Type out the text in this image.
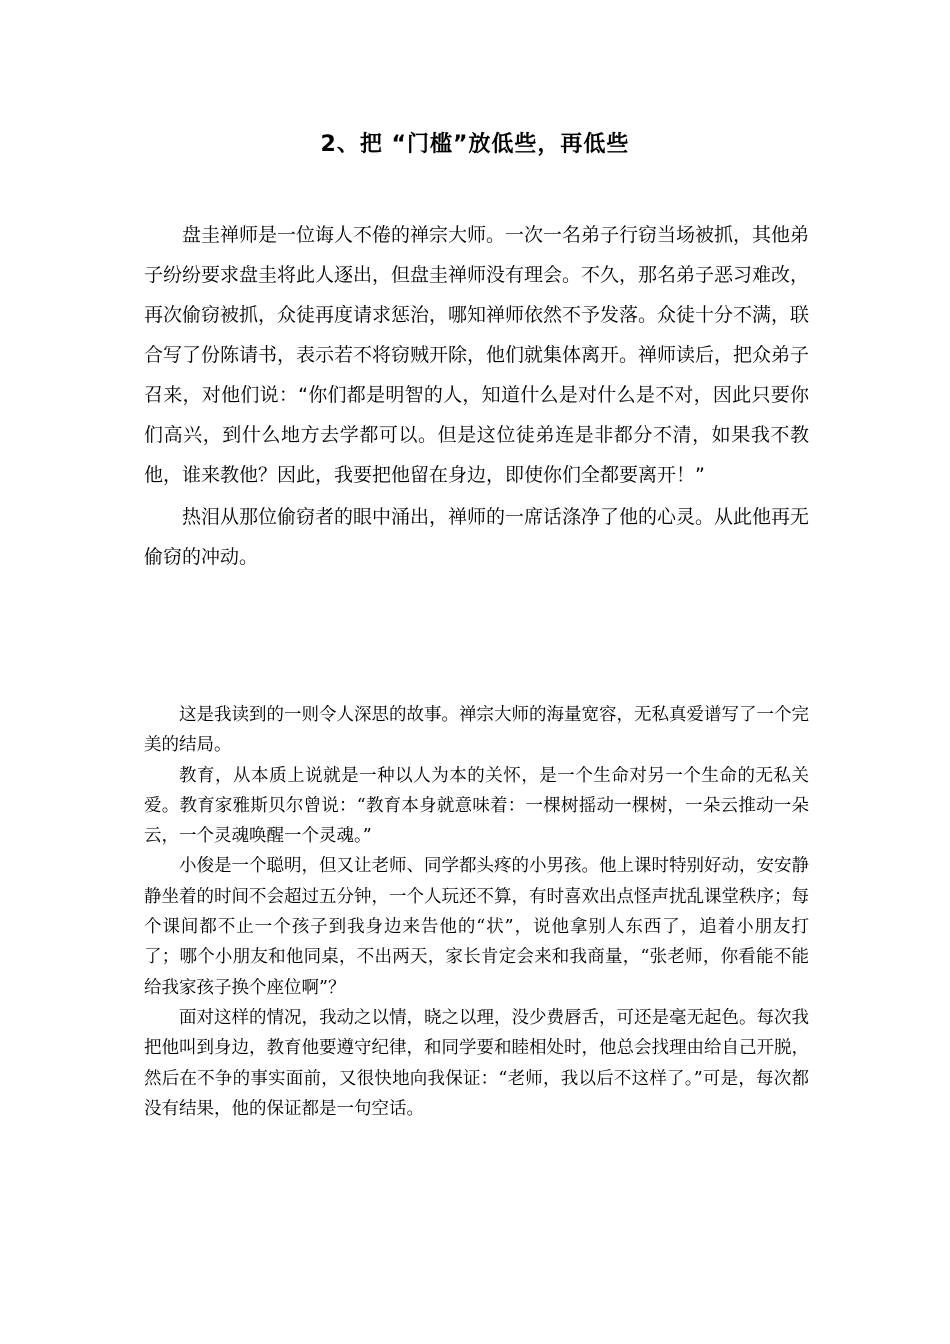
2、把 “门槛”放低些，再低些

盘圭禅师是一位诲人不倦的禅宗大师。一次一名弟子行窃当场被抓，其他弟子纷纷要求盘圭将此人逐出，但盘圭禅师没有理会。不久，那名弟子恶习难改，再次偷窃被抓，众徒再度请求惩治，哪知禅师依然不予发落。众徒十分不满，联合写了份陈请书，表示若不将窃贼开除，他们就集体离开。禅师读后，把众弟子召来，对他们说：“你们都是明智的人，知道什么是对什么是不对，因此只要你们高兴，到什么地方去学都可以。但是这位徒弟连是非都分不清，如果我不教他，谁来教他？因此，我要把他留在身边，即使你们全都要离开！”

热泪从那位偷窃者的眼中涌出，禅师的一席话涤净了他的心灵。从此他再无偷窃的冲动。

这是我读到的一则令人深思的故事。禅宗大师的海量宽容，无私真爱谱写了一个完美的结局。

教育，从本质上说就是一种以人为本的关怀，是一个生命对另一个生命的无私关爱。教育家雅斯贝尔曾说：“教育本身就意味着：一棵树摇动一棵树，一朵云推动一朵云，一个灵魂唤醒一个灵魂。”

小俊是一个聪明，但又让老师、同学都头疼的小男孩。他上课时特别好动，安安静静坐着的时间不会超过五分钟，一个人玩还不算，有时喜欢出点怪声扰乱课堂秩序；每个课间都不止一个孩子到我身边来告他的“状”，说他拿别人东西了，追着小朋友打了；哪个小朋友和他同桌，不出两天，家长肯定会来和我商量，“张老师，你看能不能给我家孩子换个座位啊”？

面对这样的情况，我动之以情，晓之以理，没少费唇舌，可还是毫无起色。每次我把他叫到身边，教育他要遵守纪律，和同学要和睦相处时，他总会找理由给自己开脱，然后在不争的事实面前，又很快地向我保证：“老师，我以后不这样了。”可是，每次都没有结果，他的保证都是一句空话。
